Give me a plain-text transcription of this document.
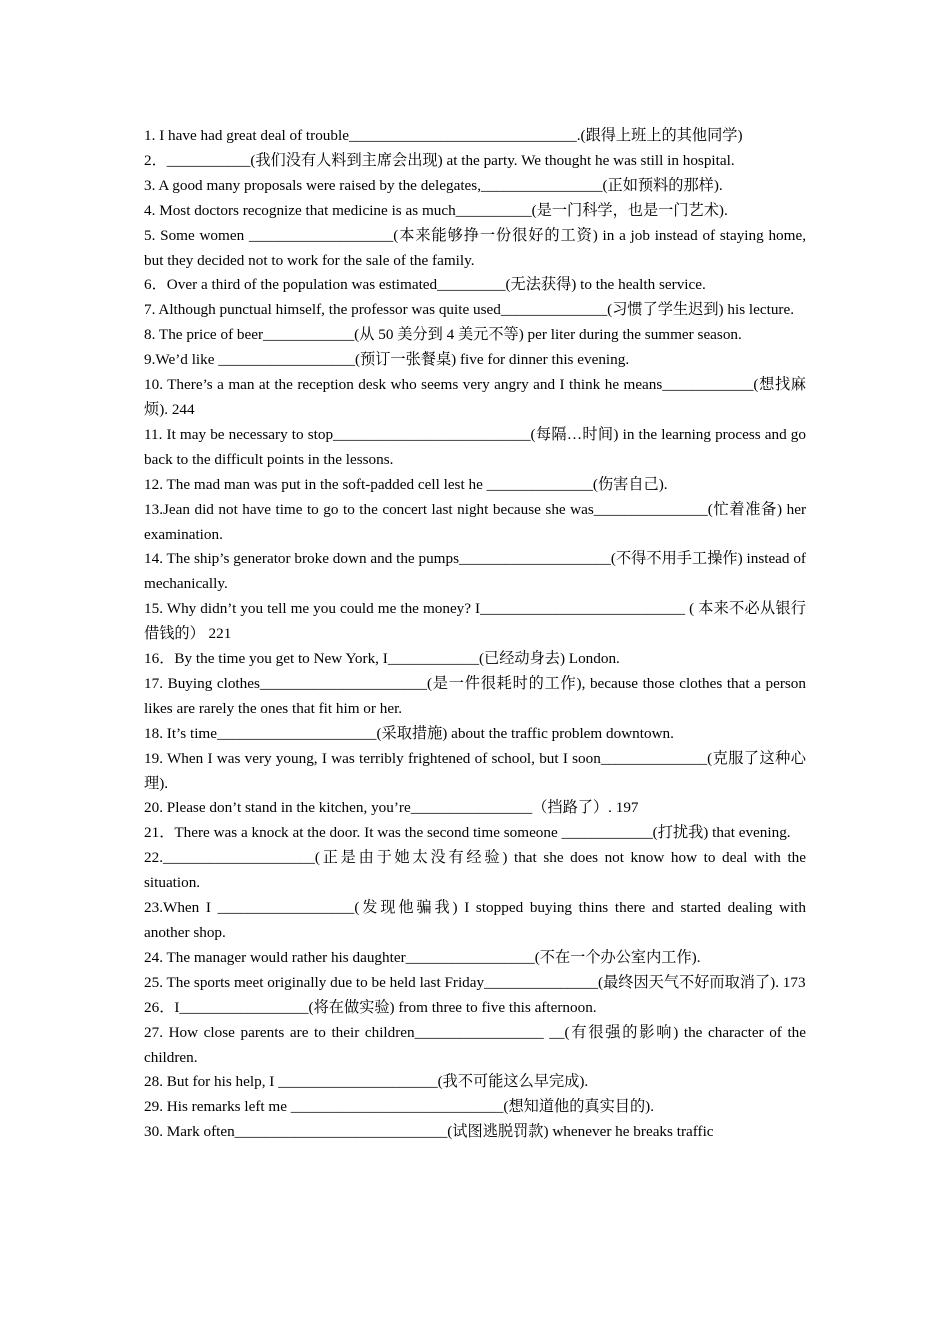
1. I have had great deal of trouble______________________________.(跟得上班上的其他同学)

2．___________(我们没有人料到主席会出现) at the party. We thought he was still in hospital.

3. A good many proposals were raised by the delegates,________________(正如预料的那样).

4. Most doctors recognize that medicine is as much__________(是一门科学，也是一门艺术).

5. Some women ___________________(本来能够挣一份很好的工资) in a job instead of staying home, but they decided not to work for the sale of the family.

6．Over a third of the population was estimated_________(无法获得) to the health service.

7. Although punctual himself, the professor was quite used______________(习惯了学生迟到) his lecture.

8. The price of beer____________(从 50 美分到 4 美元不等) per liter during the summer season.

9.We’d like __________________(预订一张餐桌) five for dinner this evening.

10. There’s a man at the reception desk who seems very angry and I think he means____________(想找麻烦). 244

11. It may be necessary to stop__________________________(每隔…时间) in the learning process and go back to the difficult points in the lessons.

12. The mad man was put in the soft-padded cell lest he ______________(伤害自己).

13.Jean did not have time to go to the concert last night because she was_______________(忙着准备) her examination.

14. The ship’s generator broke down and the pumps____________________(不得不用手工操作) instead of mechanically.

15. Why didn’t you tell me you could me the money? I___________________________ ( 本来不必从银行借钱的） 221

16．By the time you get to New York, I____________(已经动身去) London.

17. Buying clothes______________________(是一件很耗时的工作), because those clothes that a person likes are rarely the ones that fit him or her.

18. It’s time_____________________(采取措施) about the traffic problem downtown.

19. When I was very young, I was terribly frightened of school, but I soon______________(克服了这种心理).

20. Please don’t stand in the kitchen, you’re________________（挡路了）. 197

21．There was a knock at the door. It was the second time someone ____________(打扰我) that evening.

22.____________________(正是由于她太没有经验) that she does not know how to deal with the situation.

23.When I __________________(发现他骗我) I stopped buying thins there and started dealing with another shop.

24. The manager would rather his daughter_________________(不在一个办公室内工作).

25. The sports meet originally due to be held last Friday_______________(最终因天气不好而取消了). 173

26．I_________________(将在做实验) from three to five this afternoon.

27. How close parents are to their children_________________ __(有很强的影响) the character of the children.

28. But for his help, I _____________________(我不可能这么早完成).

29. His remarks left me ____________________________(想知道他的真实目的).

30. Mark often____________________________(试图逃脱罚款) whenever he breaks traffic
